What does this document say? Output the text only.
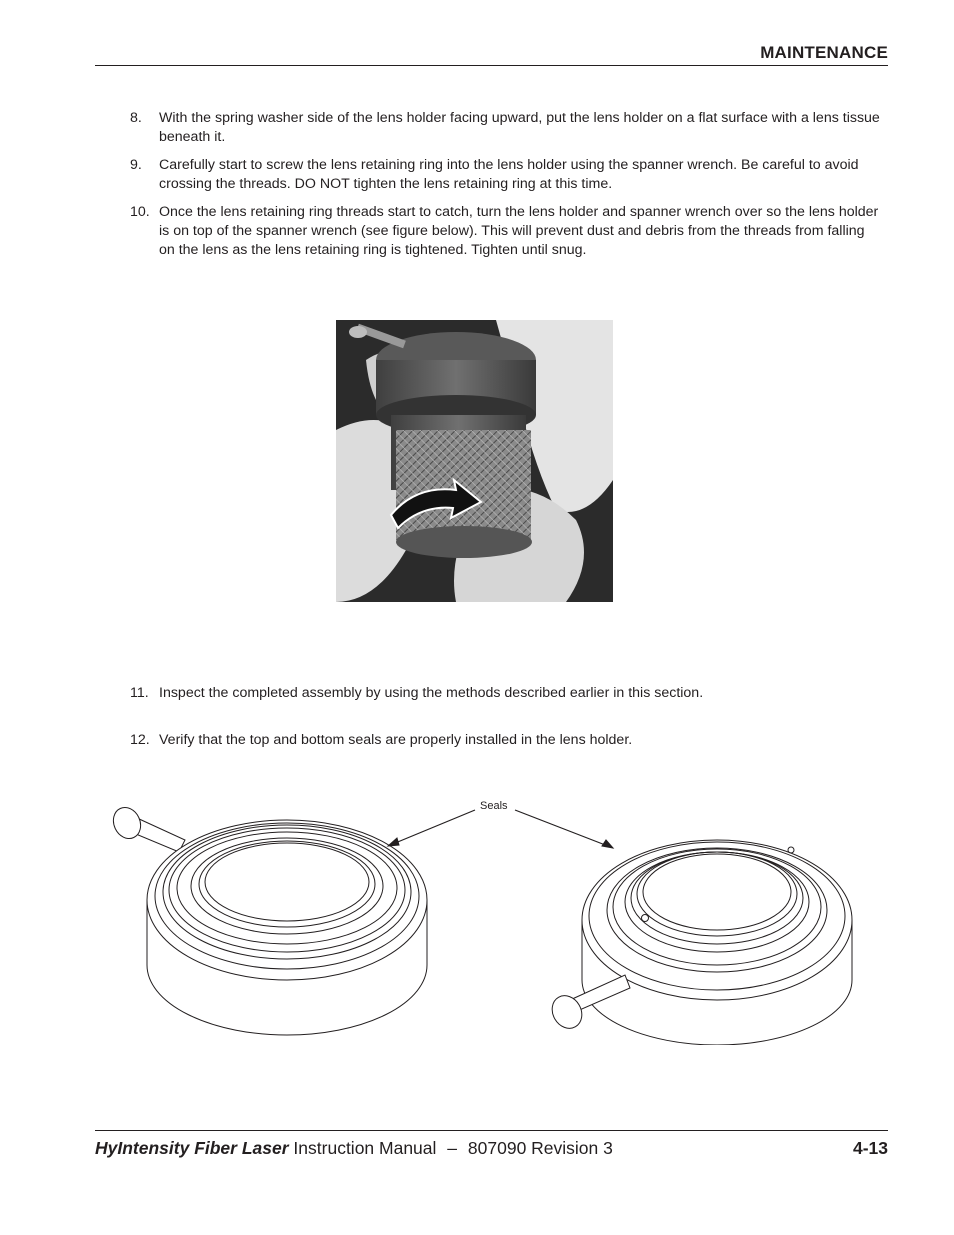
MAINTENANCE
8. With the spring washer side of the lens holder facing upward, put the lens holder on a flat surface with a lens tissue beneath it.
9. Carefully start to screw the lens retaining ring into the lens holder using the spanner wrench. Be careful to avoid crossing the threads. DO NOT tighten the lens retaining ring at this time.
10. Once the lens retaining ring threads start to catch, turn the lens holder and spanner wrench over so the lens holder is on top of the spanner wrench (see figure below). This will prevent dust and debris from the threads from falling on the lens as the lens retaining ring is tightened. Tighten until snug.
11. Inspect the completed assembly by using the methods described earlier in this section.
12. Verify that the top and bottom seals are properly installed in the lens holder.
Seals
HyIntensity Fiber Laser Instruction Manual – 807090 Revision 3	4-13
